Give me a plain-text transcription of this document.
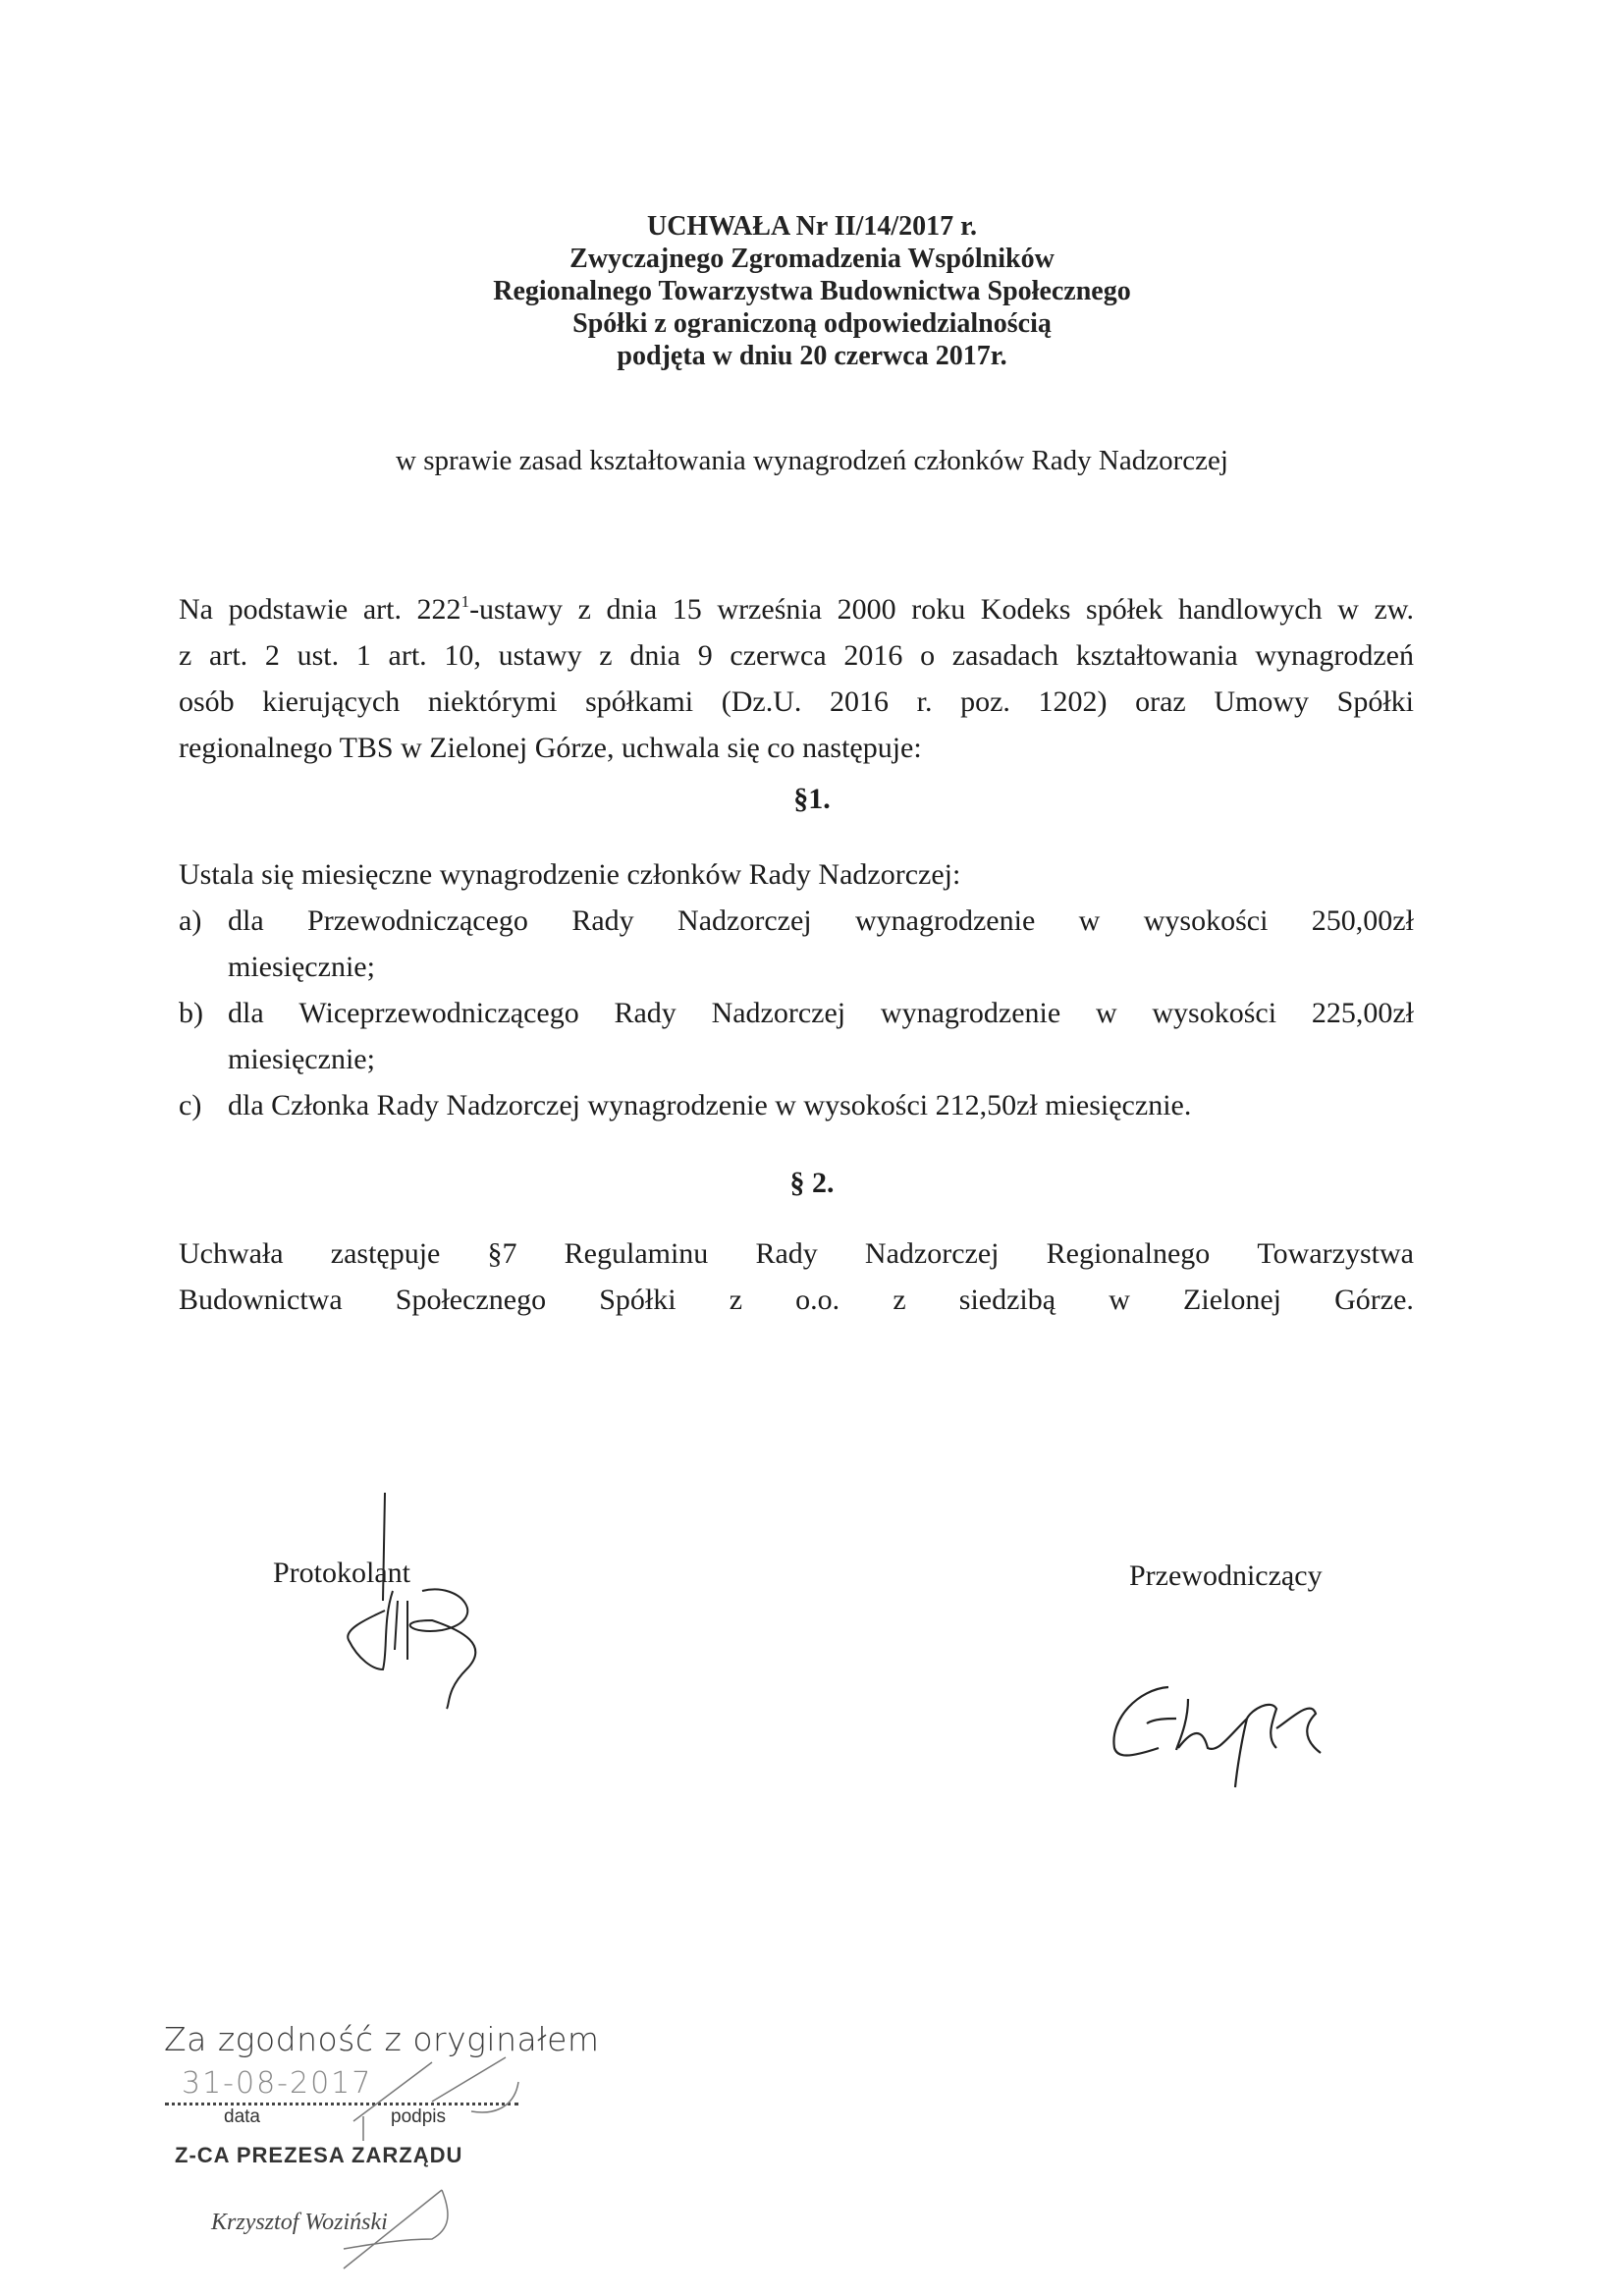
UCHWAŁA Nr II/14/2017 r.
Zwyczajnego Zgromadzenia Wspólników
Regionalnego Towarzystwa Budownictwa Społecznego
Spółki z ograniczoną odpowiedzialnością
podjęta w dniu 20 czerwca 2017r.
w sprawie zasad kształtowania wynagrodzeń członków Rady Nadzorczej
Na podstawie art. $222^1$-ustawy z dnia 15 września 2000 roku Kodeks spółek handlowych w zw.
z art. 2 ust. 1 art. 10, ustawy z dnia 9 czerwca 2016 o zasadach kształtowania wynagrodzeń
osób kierujących niektórymi spółkami (Dz.U. 2016 r. poz. 1202) oraz Umowy Spółki
regionalnego TBS w Zielonej Górze, uchwala się co następuje:
§1.
Ustala się miesięczne wynagrodzenie członków Rady Nadzorczej:
a) dla Przewodniczącego Rady Nadzorczej wynagrodzenie w wysokości 250,00zł
miesięcznie;
b) dla Wiceprzewodniczącego Rady Nadzorczej wynagrodzenie w wysokości 225,00zł
miesięcznie;
c) dla Członka Rady Nadzorczej wynagrodzenie w wysokości 212,50zł miesięcznie.
§ 2.
Uchwała zastępuje §7 Regulaminu Rady Nadzorczej Regionalnego Towarzystwa
Budownictwa Społecznego Spółki z o.o. z siedzibą w Zielonej Górze.
Protokolant	Przewodniczący
Za zgodność z oryginałem
31-08-2017
data	podpis
Z-CA PREZESA ZARZĄDU
Krzysztof Woziński
